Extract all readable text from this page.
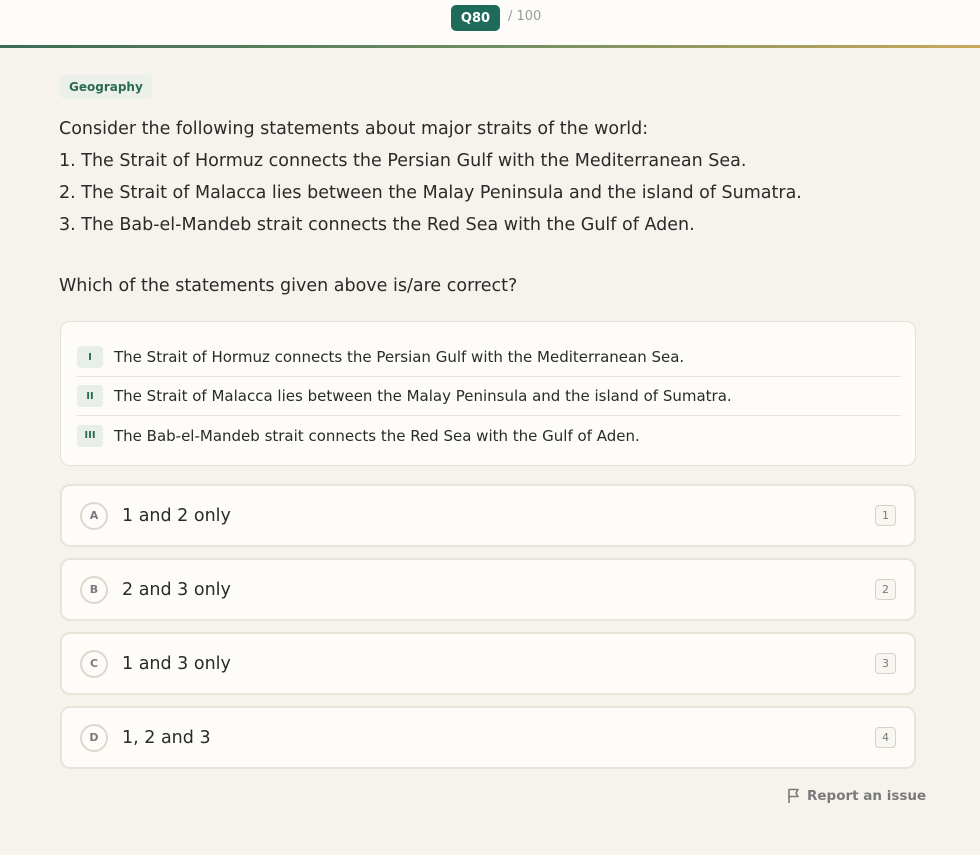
Q80	/ 100
Geography
Consider the following statements about major straits of the world:
1. The Strait of Hormuz connects the Persian Gulf with the Mediterranean Sea.
2. The Strait of Malacca lies between the Malay Peninsula and the island of Sumatra.
3. The Bab-el-Mandeb strait connects the Red Sea with the Gulf of Aden.
Which of the statements given above is/are correct?
I	The Strait of Hormuz connects the Persian Gulf with the Mediterranean Sea.
II	The Strait of Malacca lies between the Malay Peninsula and the island of Sumatra.
III	The Bab-el-Mandeb strait connects the Red Sea with the Gulf of Aden.
A	1 and 2 only	1
B	2 and 3 only	2
C	1 and 3 only	3
D	1, 2 and 3	4
Report an issue
